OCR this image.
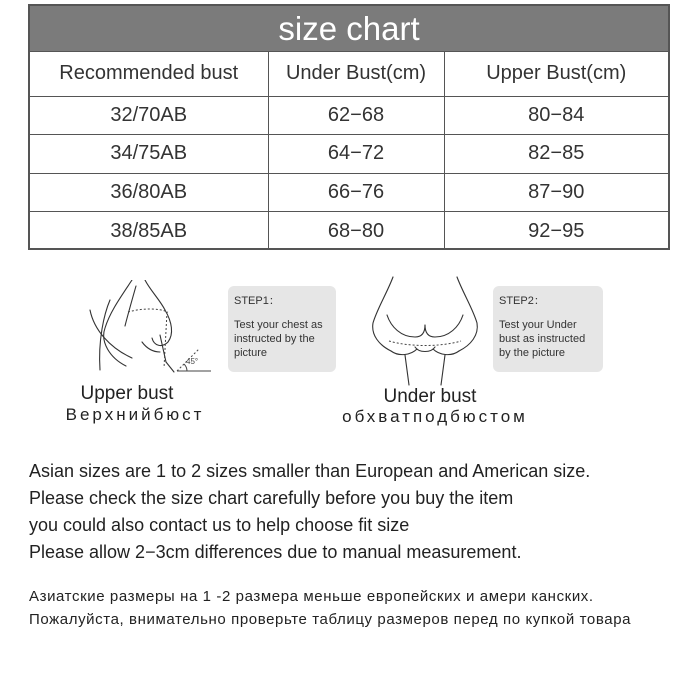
size chart
Recommended bust	Under Bust(cm)	Upper Bust(cm)
32/70AB	62−68	80−84
34/75AB	64−72	82−85
36/80AB	66−76	87−90
38/85AB	68−80	92−95
45°
STEP1：
Test your chest as instructed by the picture
Upper bust
Верхнийбюст
STEP2：
Test your Under bust as instructed by the picture
Under bust
обхватподбюстом
Asian sizes are 1 to 2 sizes smaller than European and American size.
Please check the size chart carefully before you buy the item
you could also contact us to help choose fit size
Please allow 2−3cm differences due to manual measurement.

Азиатские размеры на 1 -2 размера меньше европейских и амери канских.

Пожалуйста, внимательно проверьте таблицу размеров перед по купкой товара
